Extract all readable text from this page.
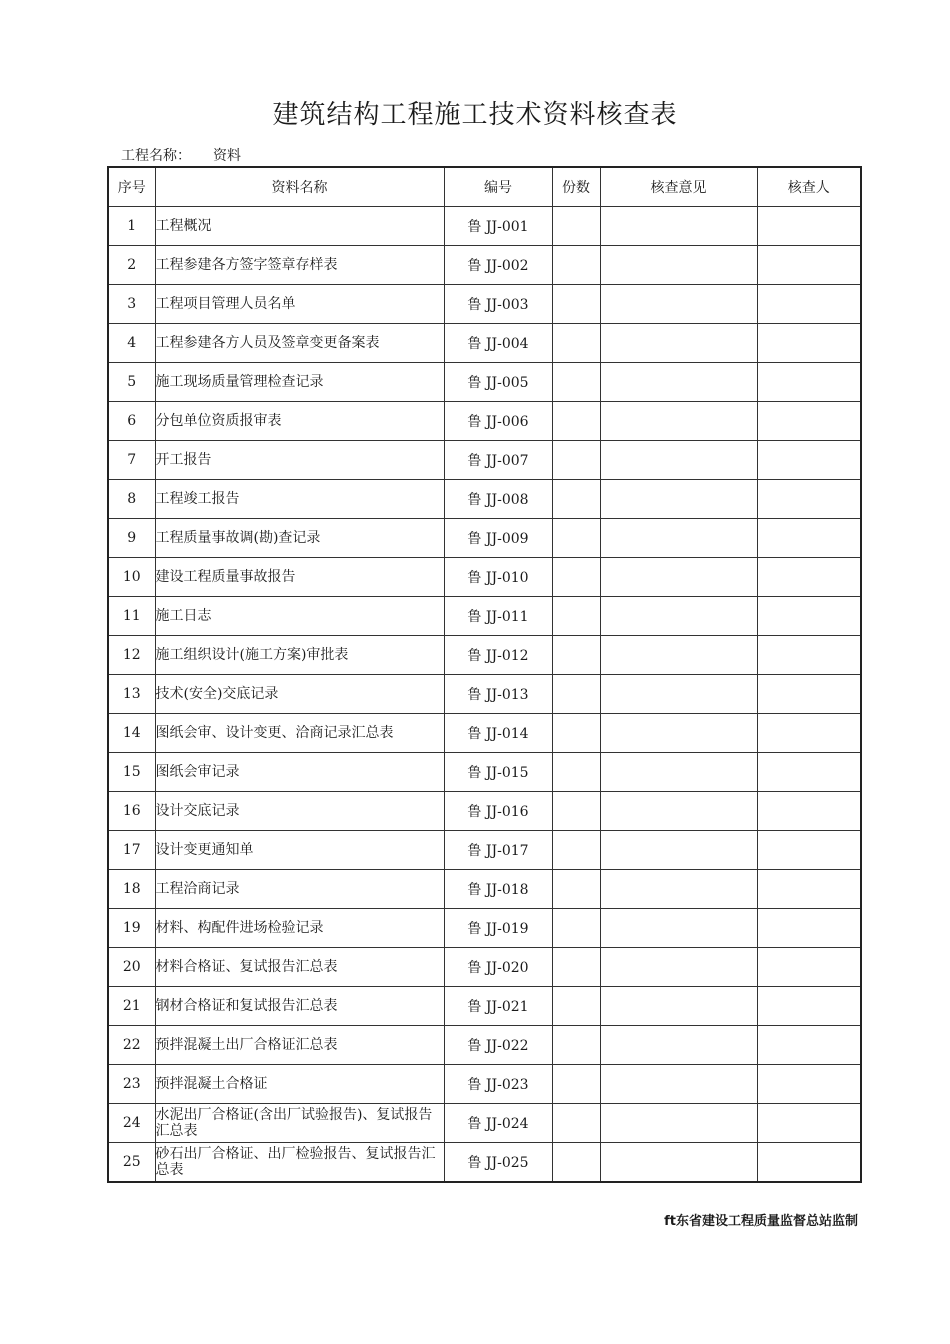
建筑结构工程施工技术资料核查表
工程名称： 资料
序号	资料名称	编号	份数	核查意见	核查人
1	工程概况	鲁 JJ-001			
2	工程参建各方签字签章存样表	鲁 JJ-002			
3	工程项目管理人员名单	鲁 JJ-003			
4	工程参建各方人员及签章变更备案表	鲁 JJ-004			
5	施工现场质量管理检查记录	鲁 JJ-005			
6	分包单位资质报审表	鲁 JJ-006			
7	开工报告	鲁 JJ-007			
8	工程竣工报告	鲁 JJ-008			
9	工程质量事故调(勘)查记录	鲁 JJ-009			
10	建设工程质量事故报告	鲁 JJ-010			
11	施工日志	鲁 JJ-011			
12	施工组织设计(施工方案)审批表	鲁 JJ-012			
13	技术(安全)交底记录	鲁 JJ-013			
14	图纸会审、设计变更、洽商记录汇总表	鲁 JJ-014			
15	图纸会审记录	鲁 JJ-015			
16	设计交底记录	鲁 JJ-016			
17	设计变更通知单	鲁 JJ-017			
18	工程洽商记录	鲁 JJ-018			
19	材料、构配件进场检验记录	鲁 JJ-019			
20	材料合格证、复试报告汇总表	鲁 JJ-020			
21	钢材合格证和复试报告汇总表	鲁 JJ-021			
22	预拌混凝土出厂合格证汇总表	鲁 JJ-022			
23	预拌混凝土合格证	鲁 JJ-023			
24	水泥出厂合格证(含出厂试验报告)、复试报告汇总表	鲁 JJ-024			
25	砂石出厂合格证、出厂检验报告、复试报告汇总表	鲁 JJ-025			
ft东省建设工程质量监督总站监制
